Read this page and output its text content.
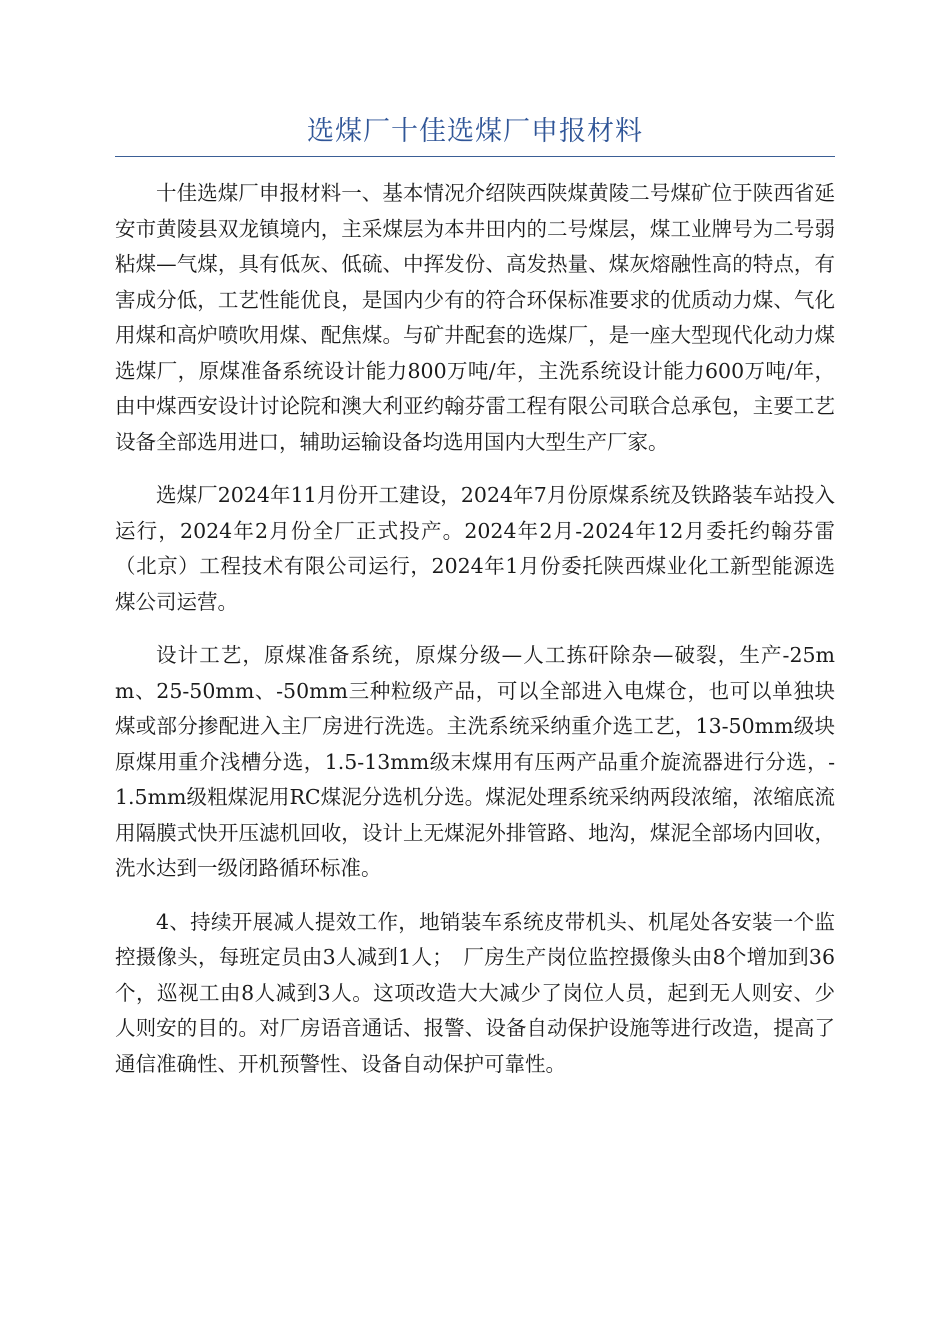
选煤厂十佳选煤厂申报材料

十佳选煤厂申报材料一、基本情况介绍陕西陕煤黄陵二号煤矿位于陕西省延安市黄陵县双龙镇境内，主采煤层为本井田内的二号煤层，煤工业牌号为二号弱粘煤—气煤，具有低灰、低硫、中挥发份、高发热量、煤灰熔融性高的特点，有害成分低，工艺性能优良，是国内少有的符合环保标准要求的优质动力煤、气化用煤和高炉喷吹用煤、配焦煤。与矿井配套的选煤厂，是一座大型现代化动力煤选煤厂，原煤准备系统设计能力800万吨/年，主洗系统设计能力600万吨/年，由中煤西安设计讨论院和澳大利亚约翰芬雷工程有限公司联合总承包，主要工艺设备全部选用进口，辅助运输设备均选用国内大型生产厂家。

选煤厂2024年11月份开工建设，2024年7月份原煤系统及铁路装车站投入运行，2024年2月份全厂正式投产。2024年2月-2024年12月委托约翰芬雷（北京）工程技术有限公司运行，2024年1月份委托陕西煤业化工新型能源选煤公司运营。

设计工艺，原煤准备系统，原煤分级—人工拣矸除杂—破裂，生产-25mm、25-50mm、-50mm三种粒级产品，可以全部进入电煤仓，也可以单独块煤或部分掺配进入主厂房进行洗选。主洗系统采纳重介选工艺，13-50mm级块原煤用重介浅槽分选，1.5-13mm级末煤用有压两产品重介旋流器进行分选，-1.5mm级粗煤泥用RC煤泥分选机分选。煤泥处理系统采纳两段浓缩，浓缩底流用隔膜式快开压滤机回收，设计上无煤泥外排管路、地沟，煤泥全部场内回收，洗水达到一级闭路循环标准。

4、持续开展减人提效工作，地销装车系统皮带机头、机尾处各安装一个监控摄像头，每班定员由3人减到1人；　厂房生产岗位监控摄像头由8个增加到36个，巡视工由8人减到3人。这项改造大大减少了岗位人员，起到无人则安、少人则安的目的。对厂房语音通话、报警、设备自动保护设施等进行改造，提高了通信准确性、开机预警性、设备自动保护可靠性。
